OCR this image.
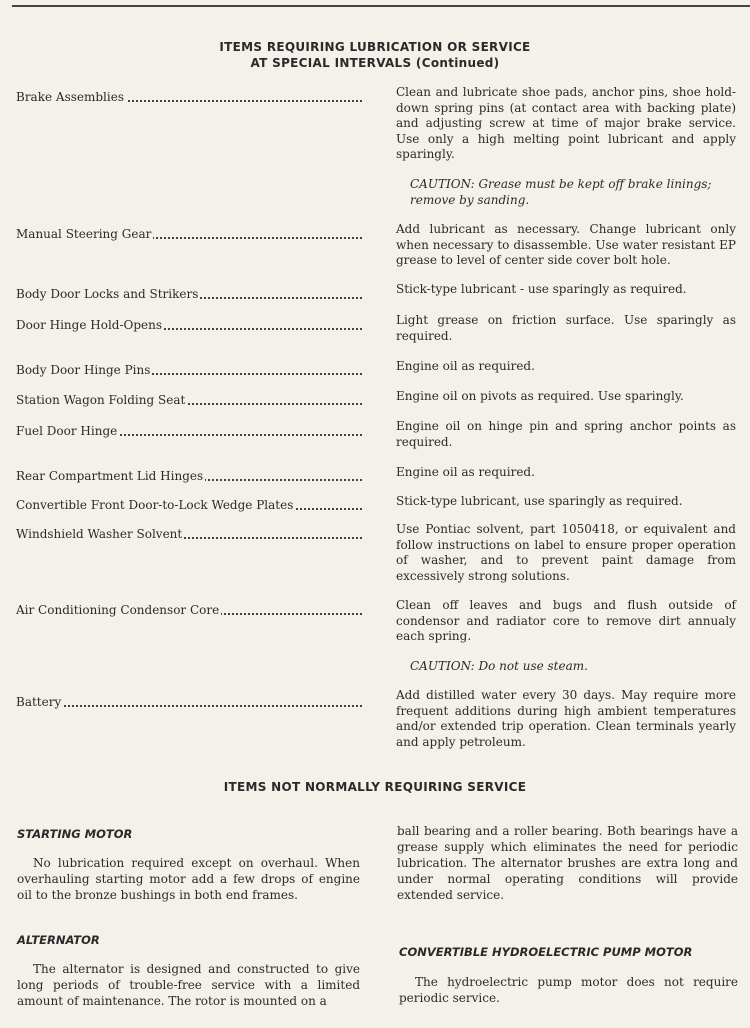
ITEMS REQUIRING LUBRICATION OR SERVICE
AT SPECIAL INTERVALS (Continued)
Brake Assemblies	Clean and lubricate shoe pads, anchor pins, shoe hold-down spring pins (at contact area with backing plate) and adjusting screw at time of major brake service. Use only a high melting point lubricant and apply sparingly.
CAUTION: Grease must be kept off brake linings; remove by sanding.
Manual Steering Gear	Add lubricant as necessary. Change lubricant only when necessary to disassemble. Use water resistant EP grease to level of center side cover bolt hole.
Body Door Locks and Strikers	Stick-type lubricant - use sparingly as required.
Door Hinge Hold-Opens	Light grease on friction surface. Use sparingly as required.
Body Door Hinge Pins	Engine oil as required.
Station Wagon Folding Seat	Engine oil on pivots as required. Use sparingly.
Fuel Door Hinge	Engine oil on hinge pin and spring anchor points as required.
Rear Compartment Lid Hinges	Engine oil as required.
Convertible Front Door-to-Lock Wedge Plates	Stick-type lubricant, use sparingly as required.
Windshield Washer Solvent	Use Pontiac solvent, part 1050418, or equivalent and follow instructions on label to ensure proper operation of washer, and to prevent paint damage from excessively strong solutions.
Air Conditioning Condensor Core	Clean off leaves and bugs and flush outside of condensor and radiator core to remove dirt annualy each spring.
CAUTION: Do not use steam.
Battery	Add distilled water every 30 days. May require more frequent additions during high ambient temperatures and/or extended trip operation. Clean terminals yearly and apply petroleum.
ITEMS NOT NORMALLY REQUIRING SERVICE
STARTING MOTOR
No lubrication required except on overhaul. When overhauling starting motor add a few drops of engine oil to the bronze bushings in both end frames.
ALTERNATOR
The alternator is designed and constructed to give long periods of trouble-free service with a limited amount of maintenance. The rotor is mounted on a
ball bearing and a roller bearing. Both bearings have a grease supply which eliminates the need for periodic lubrication. The alternator brushes are extra long and under normal operating conditions will provide extended service.
CONVERTIBLE HYDROELECTRIC PUMP MOTOR
The hydroelectric pump motor does not require periodic service.
